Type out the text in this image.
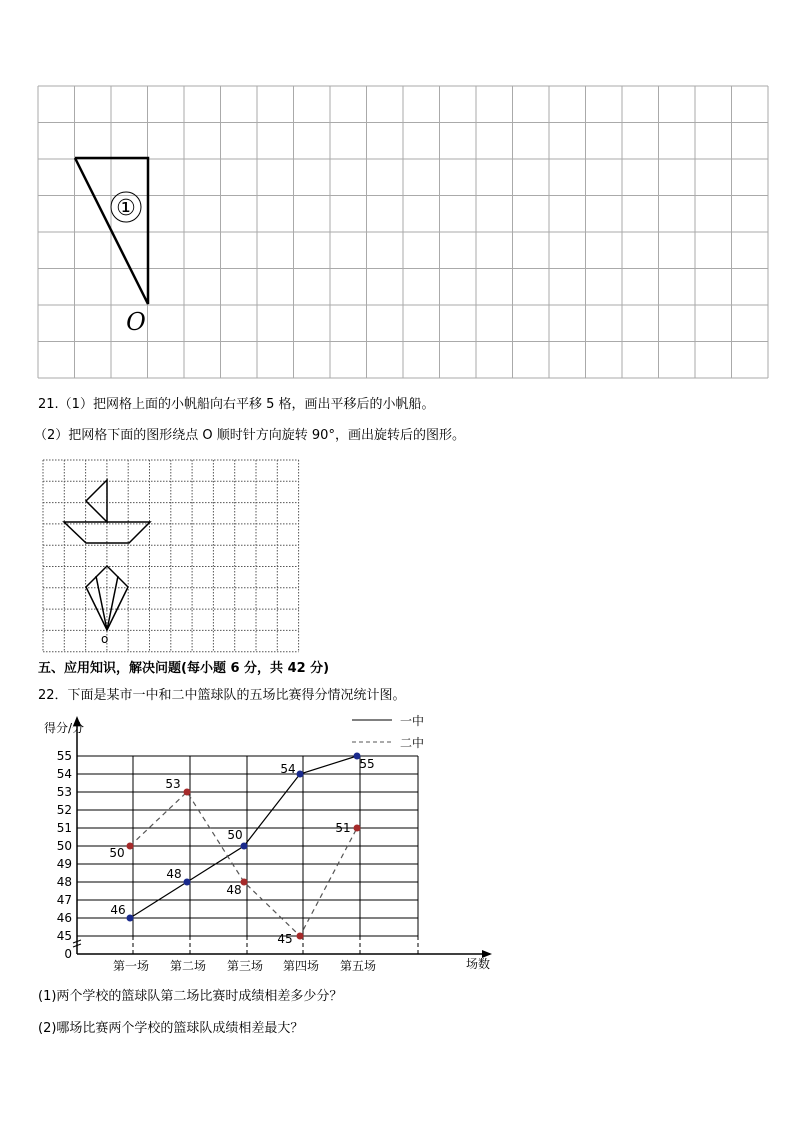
①
O
21.（1）把网格上面的小帆船向右平移 5 格，画出平移后的小帆船。
（2）把网格下面的图形绕点 O 顺时针方向旋转 90°，画出旋转后的图形。
o
五、应用知识，解决问题(每小题 6 分，共 42 分)
22．下面是某市一中和二中篮球队的五场比赛得分情况统计图。
0
45
46
47
48
49
50
51
52
53
54
55
得分/分
第一场 第二场 第三场 第四场 第五场	场数
一中
二中
46
48
50
54	55
50
53
48
45
51
(1)两个学校的篮球队第二场比赛时成绩相差多少分？
(2)哪场比赛两个学校的篮球队成绩相差最大？
